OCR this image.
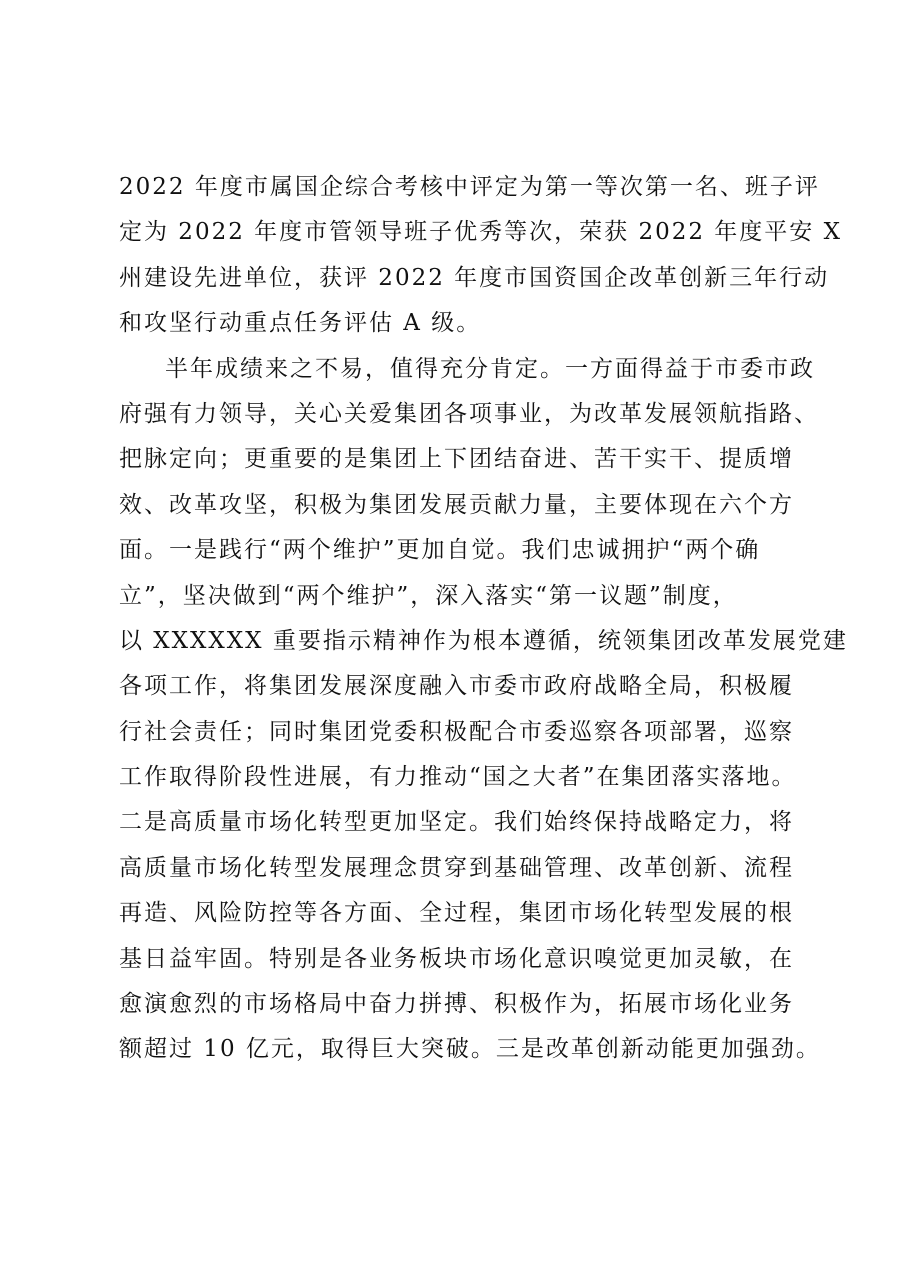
2022 年度市属国企综合考核中评定为第一等次第一名、班子评
定为 2022 年度市管领导班子优秀等次，荣获 2022 年度平安 X
州建设先进单位，获评 2022 年度市国资国企改革创新三年行动
和攻坚行动重点任务评估 A 级。
半年成绩来之不易，值得充分肯定。一方面得益于市委市政
府强有力领导，关心关爱集团各项事业，为改革发展领航指路、
把脉定向；更重要的是集团上下团结奋进、苦干实干、提质增
效、改革攻坚，积极为集团发展贡献力量，主要体现在六个方
面。一是践行“两个维护”更加自觉。我们忠诚拥护“两个确
立”，坚决做到“两个维护”，深入落实“第一议题”制度，
以 XXXXXX 重要指示精神作为根本遵循，统领集团改革发展党建
各项工作，将集团发展深度融入市委市政府战略全局，积极履
行社会责任；同时集团党委积极配合市委巡察各项部署，巡察
工作取得阶段性进展，有力推动“国之大者”在集团落实落地。
二是高质量市场化转型更加坚定。我们始终保持战略定力，将
高质量市场化转型发展理念贯穿到基础管理、改革创新、流程
再造、风险防控等各方面、全过程，集团市场化转型发展的根
基日益牢固。特别是各业务板块市场化意识嗅觉更加灵敏，在
愈演愈烈的市场格局中奋力拼搏、积极作为，拓展市场化业务
额超过 10 亿元，取得巨大突破。三是改革创新动能更加强劲。
